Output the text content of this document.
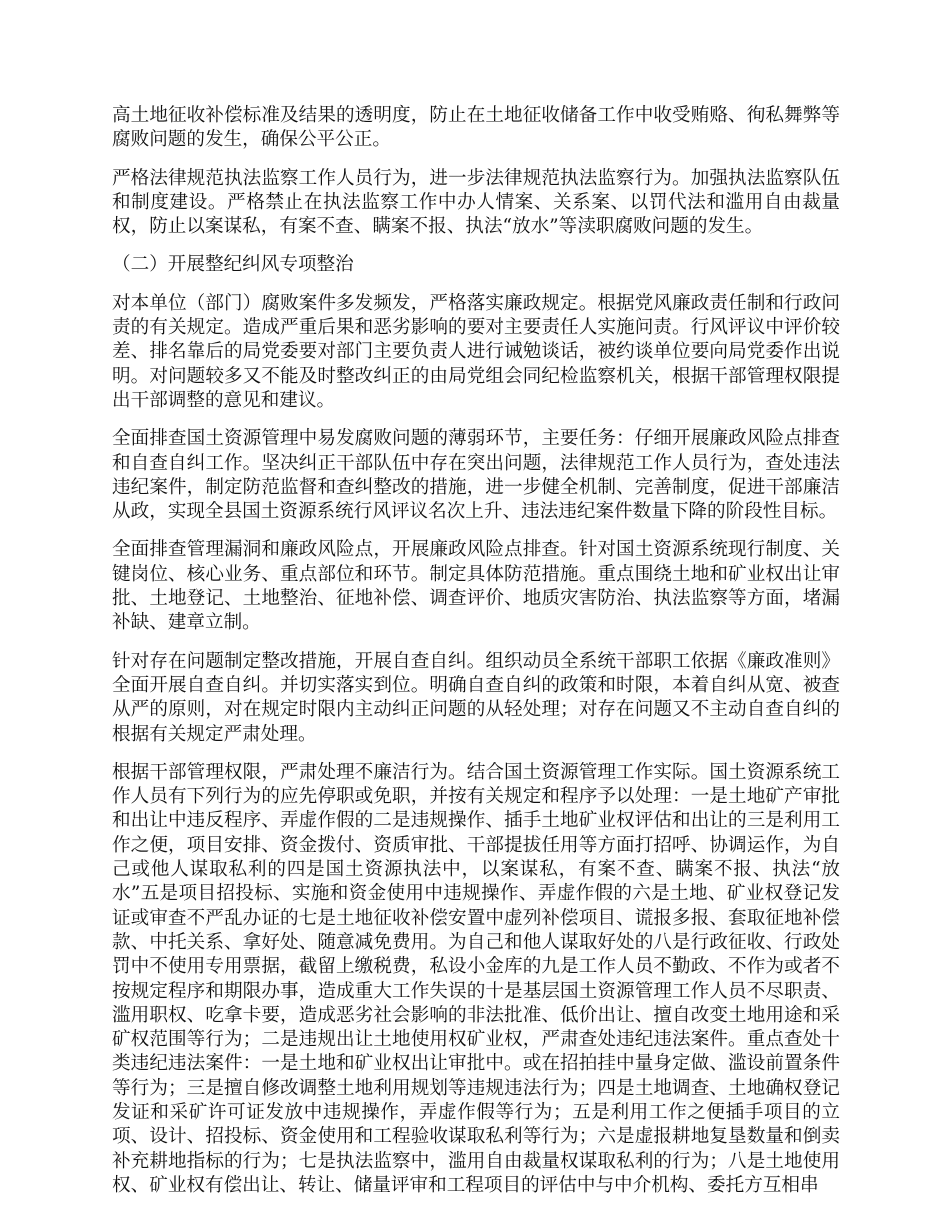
高土地征收补偿标准及结果的透明度，防止在土地征收储备工作中收受贿赂、徇私舞弊等腐败问题的发生，确保公平公正。

严格法律规范执法监察工作人员行为，进一步法律规范执法监察行为。加强执法监察队伍和制度建设。严格禁止在执法监察工作中办人情案、关系案、以罚代法和滥用自由裁量权，防止以案谋私，有案不查、瞒案不报、执法“放水”等渎职腐败问题的发生。

（二）开展整纪纠风专项整治

对本单位（部门）腐败案件多发频发，严格落实廉政规定。根据党风廉政责任制和行政问责的有关规定。造成严重后果和恶劣影响的要对主要责任人实施问责。行风评议中评价较差、排名靠后的局党委要对部门主要负责人进行诫勉谈话，被约谈单位要向局党委作出说明。对问题较多又不能及时整改纠正的由局党组会同纪检监察机关，根据干部管理权限提出干部调整的意见和建议。

全面排查国土资源管理中易发腐败问题的薄弱环节，主要任务：仔细开展廉政风险点排查和自查自纠工作。坚决纠正干部队伍中存在突出问题，法律规范工作人员行为，查处违法违纪案件，制定防范监督和查纠整改的措施，进一步健全机制、完善制度，促进干部廉洁从政，实现全县国土资源系统行风评议名次上升、违法违纪案件数量下降的阶段性目标。

全面排查管理漏洞和廉政风险点，开展廉政风险点排查。针对国土资源系统现行制度、关键岗位、核心业务、重点部位和环节。制定具体防范措施。重点围绕土地和矿业权出让审批、土地登记、土地整治、征地补偿、调查评价、地质灾害防治、执法监察等方面，堵漏补缺、建章立制。

针对存在问题制定整改措施，开展自查自纠。组织动员全系统干部职工依据《廉政准则》全面开展自查自纠。并切实落实到位。明确自查自纠的政策和时限，本着自纠从宽、被查从严的原则，对在规定时限内主动纠正问题的从轻处理；对存在问题又不主动自查自纠的根据有关规定严肃处理。

根据干部管理权限，严肃处理不廉洁行为。结合国土资源管理工作实际。国土资源系统工作人员有下列行为的应先停职或免职，并按有关规定和程序予以处理：一是土地矿产审批和出让中违反程序、弄虚作假的二是违规操作、插手土地矿业权评估和出让的三是利用工作之便，项目安排、资金拨付、资质审批、干部提拔任用等方面打招呼、协调运作，为自己或他人谋取私利的四是国土资源执法中，以案谋私，有案不查、瞒案不报、执法“放水”五是项目招投标、实施和资金使用中违规操作、弄虚作假的六是土地、矿业权登记发证或审查不严乱办证的七是土地征收补偿安置中虚列补偿项目、谎报多报、套取征地补偿款、中托关系、拿好处、随意减免费用。为自己和他人谋取好处的八是行政征收、行政处罚中不使用专用票据，截留上缴税费，私设小金库的九是工作人员不勤政、不作为或者不按规定程序和期限办事，造成重大工作失误的十是基层国土资源管理工作人员不尽职责、滥用职权、吃拿卡要，造成恶劣社会影响的非法批准、低价出让、擅自改变土地用途和采矿权范围等行为；二是违规出让土地使用权矿业权，严肃查处违纪违法案件。重点查处十类违纪违法案件：一是土地和矿业权出让审批中。或在招拍挂中量身定做、滥设前置条件等行为；三是擅自修改调整土地利用规划等违规违法行为；四是土地调查、土地确权登记发证和采矿许可证发放中违规操作，弄虚作假等行为；五是利用工作之便插手项目的立项、设计、招投标、资金使用和工程验收谋取私利等行为；六是虚报耕地复垦数量和倒卖补充耕地指标的行为；七是执法监察中，滥用自由裁量权谋取私利的行为；八是土地使用权、矿业权有偿出让、转让、储量评审和工程项目的评估中与中介机构、委托方互相串
